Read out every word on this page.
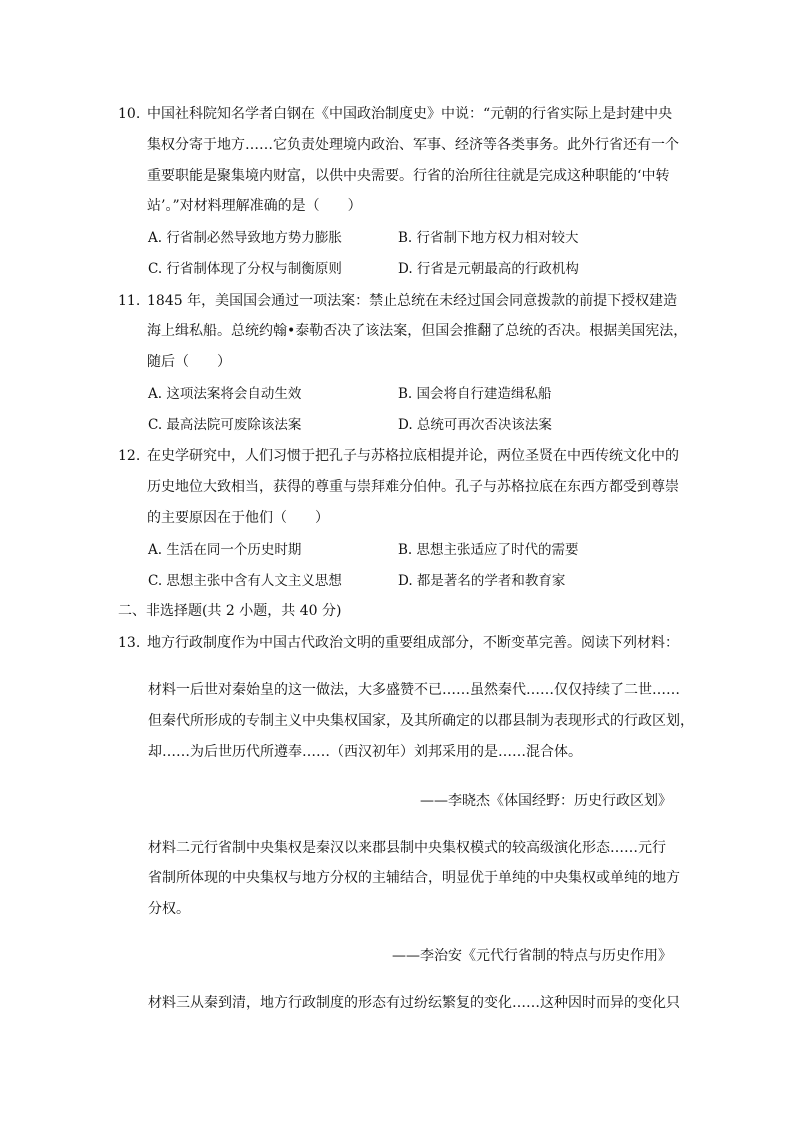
10. 中国社科院知名学者白钢在《中国政治制度史》中说：“元朝的行省实际上是封建中央
集权分寄于地方……它负责处理境内政治、军事、经济等各类事务。此外行省还有一个
重要职能是聚集境内财富，以供中央需要。行省的治所往往就是完成这种职能的‘中转
站’。”对材料理解准确的是（　　）
A. 行省制必然导致地方势力膨胀	B. 行省制下地方权力相对较大
C. 行省制体现了分权与制衡原则	D. 行省是元朝最高的行政机构
11. 1845 年，美国国会通过一项法案：禁止总统在未经过国会同意拨款的前提下授权建造
海上缉私船。总统约翰•泰勒否决了该法案，但国会推翻了总统的否决。根据美国宪法，
随后（　　）
A. 这项法案将会自动生效	B. 国会将自行建造缉私船
C. 最高法院可废除该法案	D. 总统可再次否决该法案
12. 在史学研究中，人们习惯于把孔子与苏格拉底相提并论，两位圣贤在中西传统文化中的
历史地位大致相当，获得的尊重与崇拜难分伯仲。孔子与苏格拉底在东西方都受到尊崇
的主要原因在于他们（　　）
A. 生活在同一个历史时期	B. 思想主张适应了时代的需要
C. 思想主张中含有人文主义思想	D. 都是著名的学者和教育家
二、非选择题(共 2 小题，共 40 分)
13. 地方行政制度作为中国古代政治文明的重要组成部分，不断变革完善。阅读下列材料：
材料一后世对秦始皇的这一做法，大多盛赞不已……虽然秦代……仅仅持续了二世……
但秦代所形成的专制主义中央集权国家，及其所确定的以郡县制为表现形式的行政区划，
却……为后世历代所遵奉……（西汉初年）刘邦采用的是……混合体。
——李晓杰《体国经野：历史行政区划》
材料二元行省制中央集权是秦汉以来郡县制中央集权模式的较高级演化形态……元行
省制所体现的中央集权与地方分权的主辅结合，明显优于单纯的中央集权或单纯的地方
分权。
——李治安《元代行省制的特点与历史作用》
材料三从秦到清，地方行政制度的形态有过纷纭繁复的变化……这种因时而异的变化只
